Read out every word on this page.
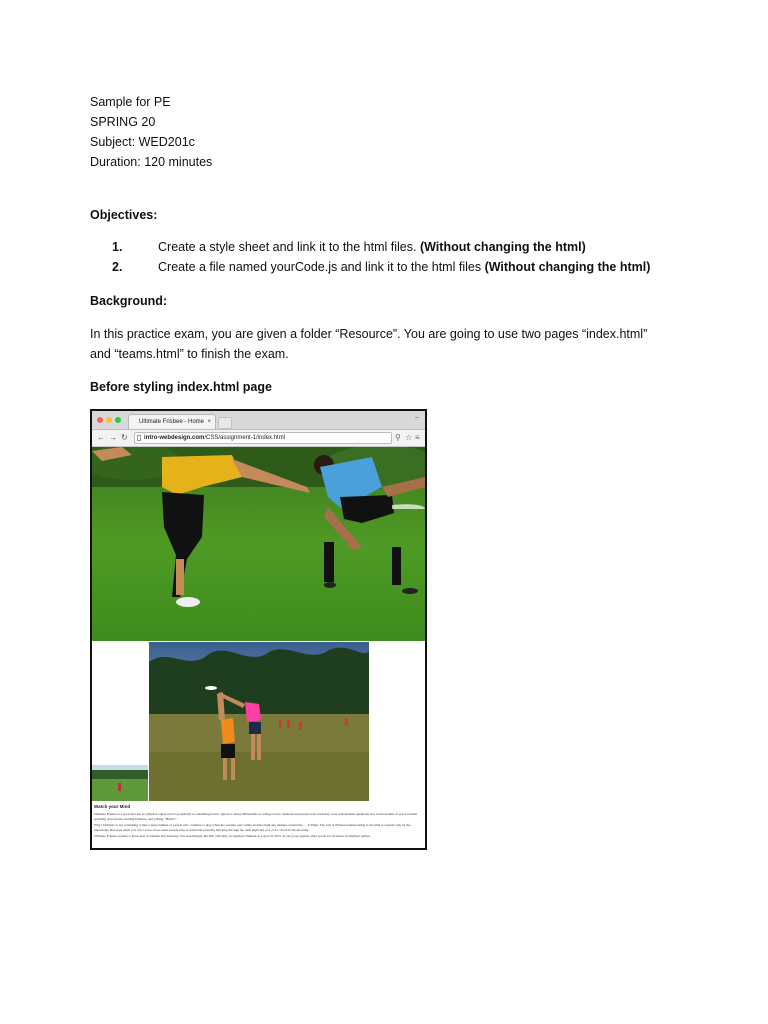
Sample for PE
SPRING 20
Subject: WED201c
Duration: 120 minutes
Objectives:
1.	Create a style sheet and link it to the html files. (Without changing the html)
2.	Create a file named yourCode.js and link it to the html files (Without changing the html)
Background:
In this practice exam, you are given a folder “Resource”. You are going to use two pages “index.html”
and “teams.html” to finish the exam.
Before styling index.html page
Ultimate Frisbee - Home ×
–
← → ↻	intro-webdesign.com/CSS/assignment-1/index.html	⚲ ☆ ≡
Watch your Mind
Ultimate Frisbee is a sport that has no physical equal, but it’s popularity is something hard to ignore to many Millennials at college towns. Students and people who wish they were still students spend the few warm months of good weather sprinting down fields, hurling Frisbees, and yelling “Hand!!”
Why? Ultimate is not something to like a large number of people who continue to play when the weather gets windy and the night sky darkens around the … 6.30pm. The cult of Frisbee brainstorming is the kind to expand only by the knowledge that even when you can’t score, those same people fans of stand and probably hurrying through the dark night sky at 4 or 6 o’clock in the morning.
Ultimate Frisbee requires a great deal of stamina and dexterity. Not surprisingly, the IOC officially recognized Ultimate as a sport in 2015. It can go up against other sports for inclusion in Olympic games.
